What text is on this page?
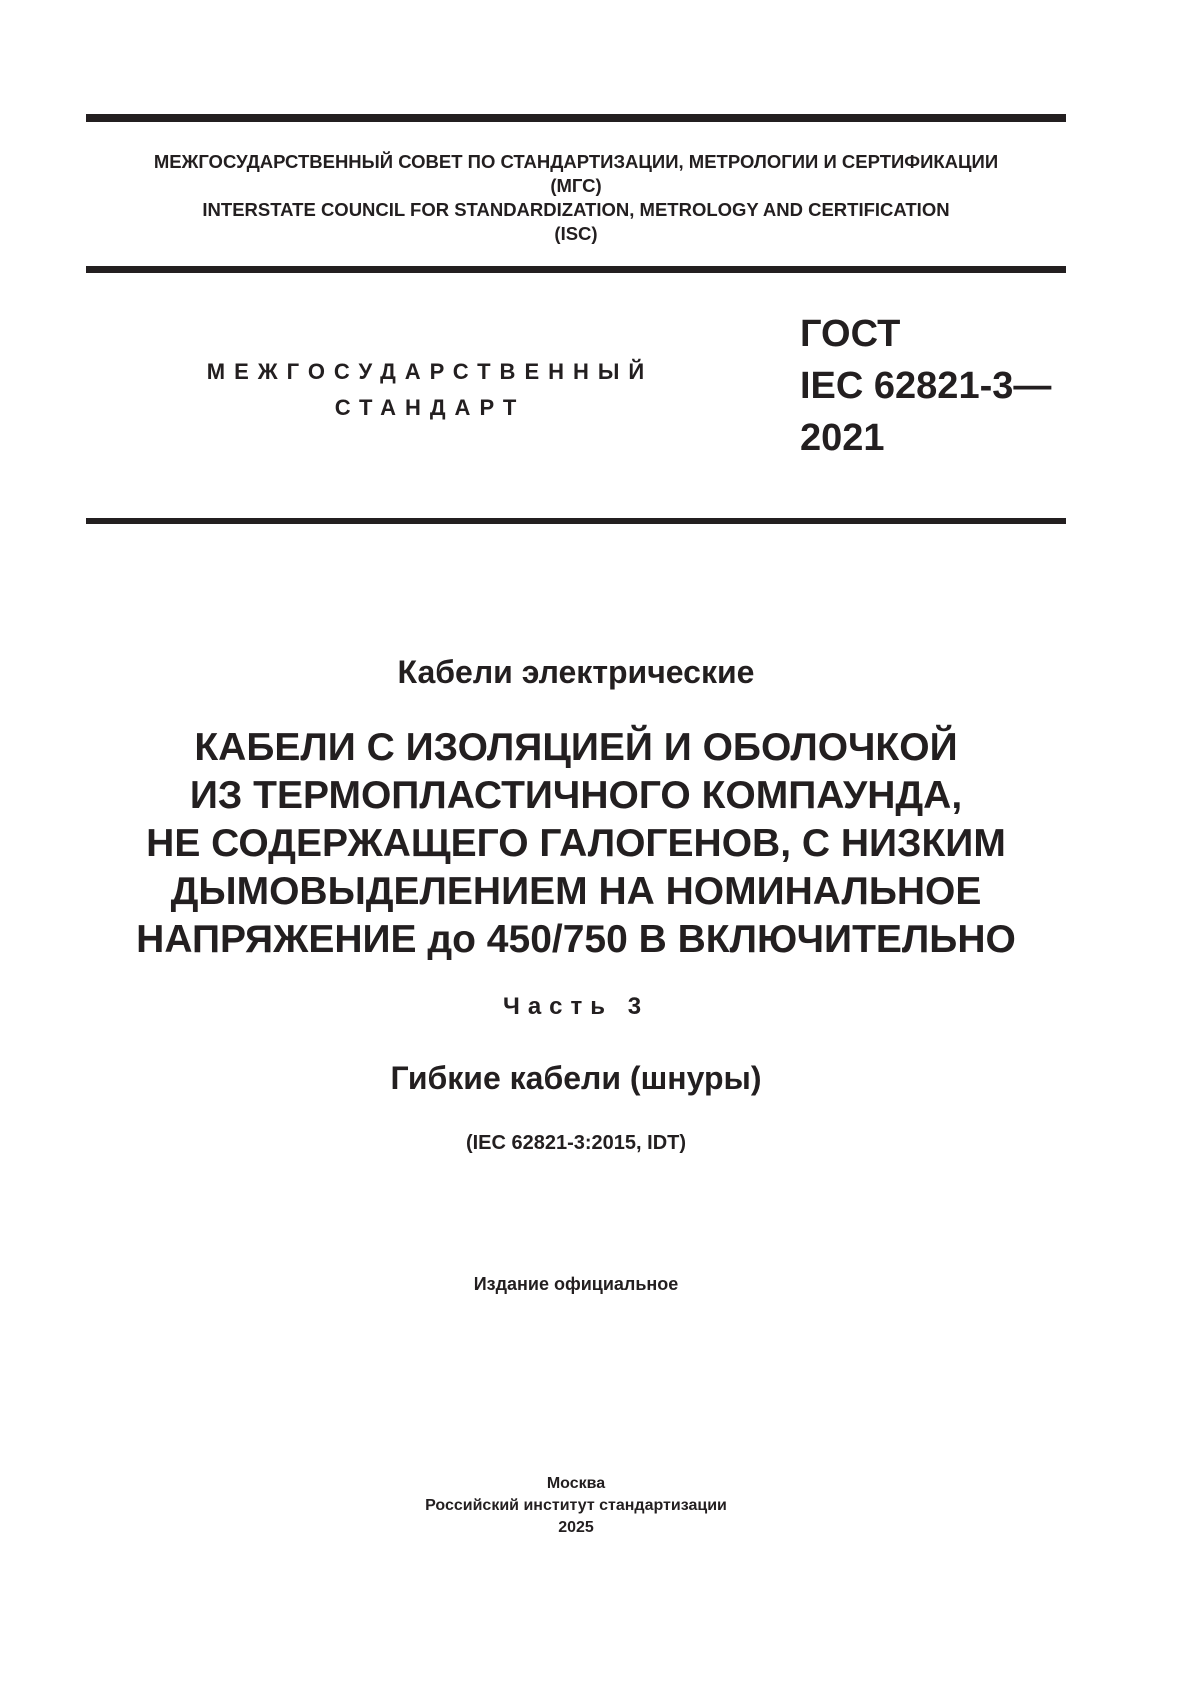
МЕЖГОСУДАРСТВЕННЫЙ СОВЕТ ПО СТАНДАРТИЗАЦИИ, МЕТРОЛОГИИ И СЕРТИФИКАЦИИ
(МГС)
INTERSTATE COUNCIL FOR STANDARDIZATION, METROLOGY AND CERTIFICATION
(ISC)
МЕЖГОСУДАРСТВЕННЫЙ
СТАНДАРТ
ГОСТ
IEC 62821-3—
2021
Кабели электрические
КАБЕЛИ С ИЗОЛЯЦИЕЙ И ОБОЛОЧКОЙ
ИЗ ТЕРМОПЛАСТИЧНОГО КОМПАУНДА,
НЕ СОДЕРЖАЩЕГО ГАЛОГЕНОВ, С НИЗКИМ
ДЫМОВЫДЕЛЕНИЕМ НА НОМИНАЛЬНОЕ
НАПРЯЖЕНИЕ до 450/750 В ВКЛЮЧИТЕЛЬНО
Часть 3
Гибкие кабели (шнуры)
(IEC 62821-3:2015, IDT)
Издание официальное
Москва
Российский институт стандартизации
2025
